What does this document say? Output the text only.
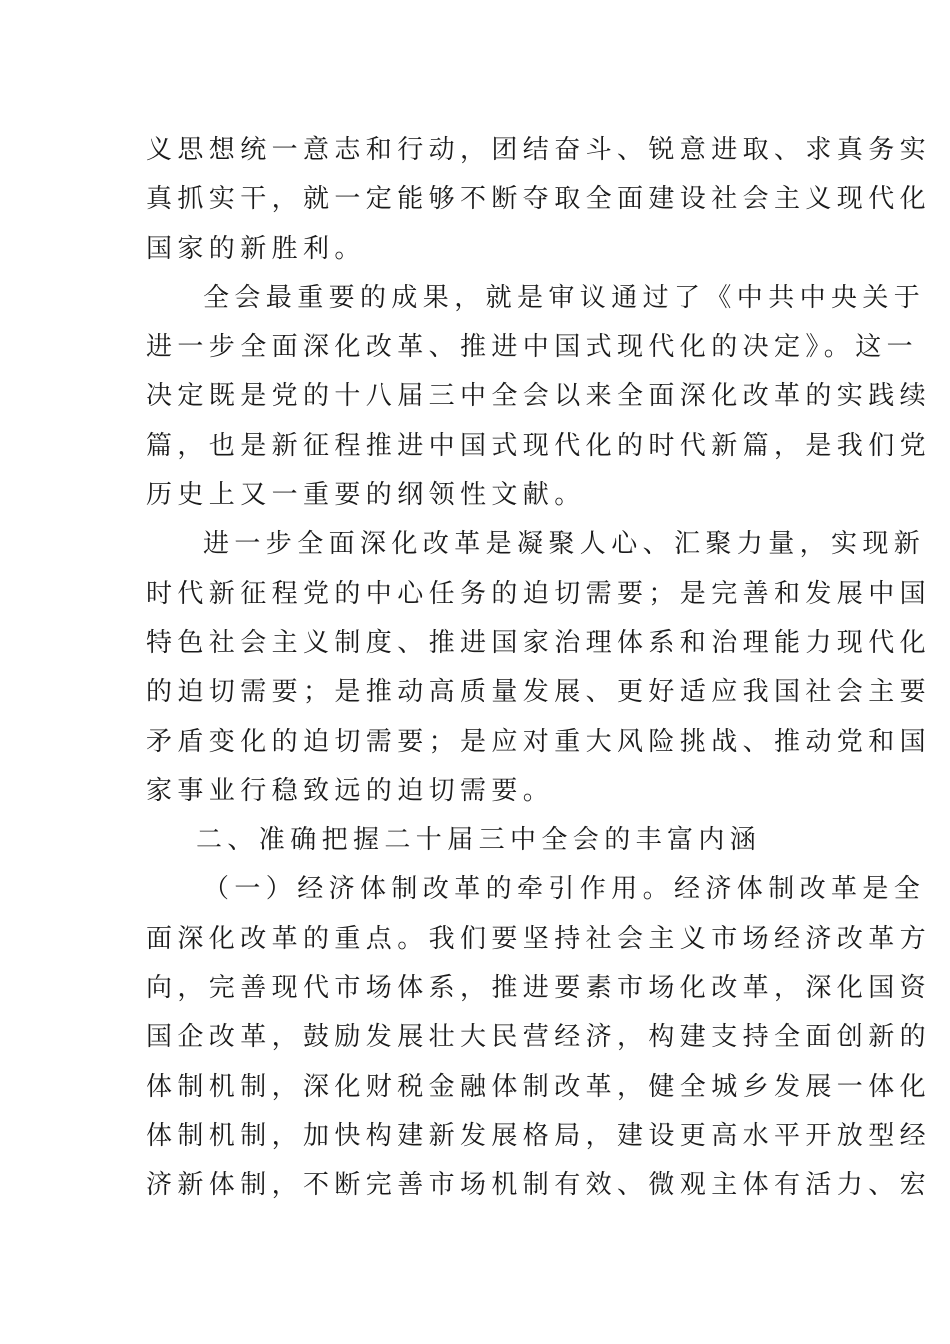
义思想统一意志和行动，团结奋斗、锐意进取、求真务实
真抓实干，就一定能够不断夺取全面建设社会主义现代化
国家的新胜利。
全会最重要的成果，就是审议通过了《中共中央关于
进一步全面深化改革、推进中国式现代化的决定》。这一
决定既是党的十八届三中全会以来全面深化改革的实践续
篇，也是新征程推进中国式现代化的时代新篇，是我们党
历史上又一重要的纲领性文献。
进一步全面深化改革是凝聚人心、汇聚力量，实现新
时代新征程党的中心任务的迫切需要；是完善和发展中国
特色社会主义制度、推进国家治理体系和治理能力现代化
的迫切需要；是推动高质量发展、更好适应我国社会主要
矛盾变化的迫切需要；是应对重大风险挑战、推动党和国
家事业行稳致远的迫切需要。
二、准确把握二十届三中全会的丰富内涵
（一）经济体制改革的牵引作用。经济体制改革是全
面深化改革的重点。我们要坚持社会主义市场经济改革方
向，完善现代市场体系，推进要素市场化改革，深化国资
国企改革，鼓励发展壮大民营经济，构建支持全面创新的
体制机制，深化财税金融体制改革，健全城乡发展一体化
体制机制，加快构建新发展格局，建设更高水平开放型经
济新体制，不断完善市场机制有效、微观主体有活力、宏
